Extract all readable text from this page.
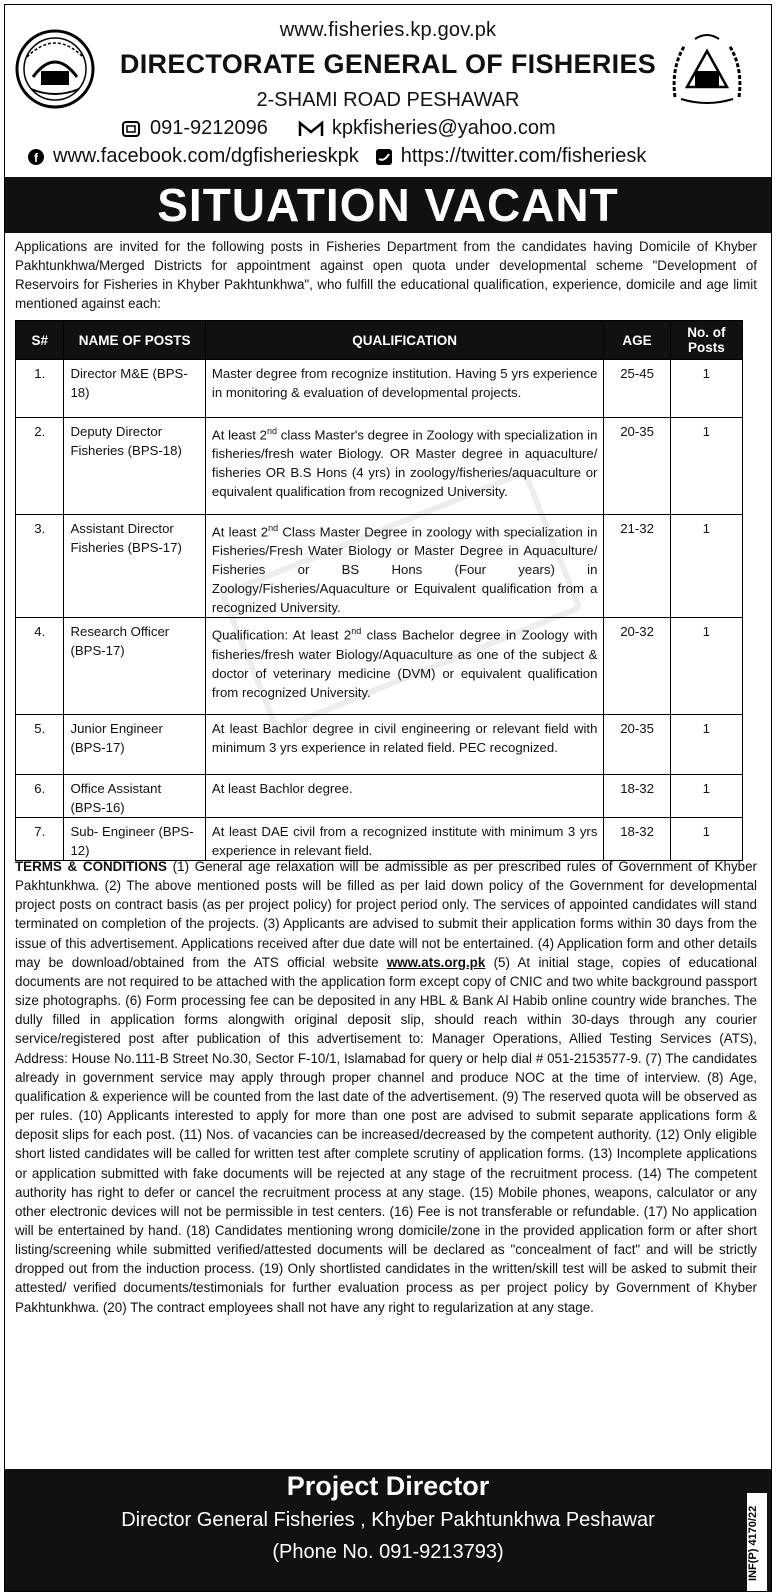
www.fisheries.kp.gov.pk
DIRECTORATE GENERAL OF FISHERIES
2-SHAMI ROAD PESHAWAR
091-9212096	kpkfisheries@yahoo.com
f www.facebook.com/dgfisherieskpk https://twitter.com/fisheriesk
SITUATION VACANT
Applications are invited for the following posts in Fisheries Department from the candidates having Domicile of Khyber Pakhtunkhwa/Merged Districts for appointment against open quota under developmental scheme "Development of Reservoirs for Fisheries in Khyber Pakhtunkhwa", who fulfill the educational qualification, experience, domicile and age limit mentioned against each:
S#	NAME OF POSTS	QUALIFICATION	AGE	No. of Posts
1.	Director M&E (BPS-18)	Master degree from recognize institution. Having 5 yrs experience in monitoring & evaluation of developmental projects.	25-45	1
2.	Deputy Director Fisheries (BPS-18)	At least 2nd class Master's degree in Zoology with specialization in fisheries/fresh water Biology. OR Master degree in aquaculture/ fisheries OR B.S Hons (4 yrs) in zoology/fisheries/aquaculture or equivalent qualification from recognized University.	20-35	1
3.	Assistant Director Fisheries (BPS-17)	At least 2nd Class Master Degree in zoology with specialization in Fisheries/Fresh Water Biology or Master Degree in Aquaculture/ Fisheries or BS Hons (Four years) in Zoology/Fisheries/Aquaculture or Equivalent qualification from a recognized University.	21-32	1
4.	Research Officer (BPS-17)	Qualification: At least 2nd class Bachelor degree in Zoology with fisheries/fresh water Biology/Aquaculture as one of the subject & doctor of veterinary medicine (DVM) or equivalent qualification from recognized University.	20-32	1
5.	Junior Engineer (BPS-17)	At least Bachlor degree in civil engineering or relevant field with minimum 3 yrs experience in related field. PEC recognized.	20-35	1
6.	Office Assistant (BPS-16)	At least Bachlor degree.	18-32	1
7.	Sub- Engineer (BPS-12)	At least DAE civil from a recognized institute with minimum 3 yrs experience in relevant field.	18-32	1
TERMS & CONDITIONS (1) General age relaxation will be admissible as per prescribed rules of Government of Khyber Pakhtunkhwa. (2) The above mentioned posts will be filled as per laid down policy of the Government for developmental project posts on contract basis (as per project policy) for project period only. The services of appointed candidates will stand terminated on completion of the projects. (3) Applicants are advised to submit their application forms within 30 days from the issue of this advertisement. Applications received after due date will not be entertained. (4) Application form and other details may be download/obtained from the ATS official website www.ats.org.pk (5) At initial stage, copies of educational documents are not required to be attached with the application form except copy of CNIC and two white background passport size photographs. (6) Form processing fee can be deposited in any HBL & Bank Al Habib online country wide branches. The dully filled in application forms alongwith original deposit slip, should reach within 30-days through any courier service/registered post after publication of this advertisement to: Manager Operations, Allied Testing Services (ATS), Address: House No.111-B Street No.30, Sector F-10/1, Islamabad for query or help dial # 051-2153577-9. (7) The candidates already in government service may apply through proper channel and produce NOC at the time of interview. (8) Age, qualification & experience will be counted from the last date of the advertisement. (9) The reserved quota will be observed as per rules. (10) Applicants interested to apply for more than one post are advised to submit separate applications form & deposit slips for each post. (11) Nos. of vacancies can be increased/decreased by the competent authority. (12) Only eligible short listed candidates will be called for written test after complete scrutiny of application forms. (13) Incomplete applications or application submitted with fake documents will be rejected at any stage of the recruitment process. (14) The competent authority has right to defer or cancel the recruitment process at any stage. (15) Mobile phones, weapons, calculator or any other electronic devices will not be permissible in test centers. (16) Fee is not transferable or refundable. (17) No application will be entertained by hand. (18) Candidates mentioning wrong domicile/zone in the provided application form or after short listing/screening while submitted verified/attested documents will be declared as "concealment of fact" and will be strictly dropped out from the induction process. (19) Only shortlisted candidates in the written/skill test will be asked to submit their attested/ verified documents/testimonials for further evaluation process as per project policy by Government of Khyber Pakhtunkhwa. (20) The contract employees shall not have any right to regularization at any stage.
Project Director
Director General Fisheries , Khyber Pakhtunkhwa Peshawar
(Phone No. 091-9213793)	INF(P) 4170/22
